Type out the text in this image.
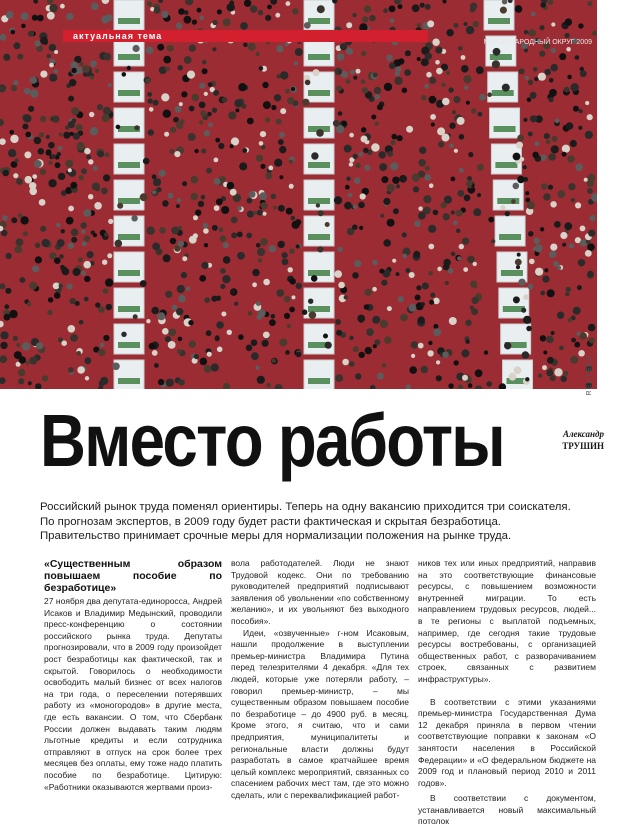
актуальная тема
МЕЖДУНАРОДНЫЙ ОКРУГ 2009
REUTERS
Вместо работы	Александр
ТРУШИН

Российский рынок труда поменял ориентиры. Теперь на одну вакансию приходится три соискателя.

По прогнозам экспертов, в 2009 году будет расти фактическая и скрытая безработица.

Правительство принимает срочные меры для нормализации положения на рынке труда.

«Существенным образом повышаем пособие по безработице»

27 ноября два депутата-единоросса, Андрей Исаков и Владимир Медынский, проводили пресс-конференцию о состоянии российского рынка труда. Депутаты прогнозировали, что в 2009 году произойдет рост безработицы как фактической, так и скрытой. Говорилось о необходимости освободить малый бизнес от всех налогов на три года, о переселении потерявших работу из «моногородов» в другие места, где есть вакансии. О том, что Сбербанк России должен выдавать таким людям льготные кредиты и если сотрудника отправляют в отпуск на срок более трех месяцев без оплаты, ему тоже надо платить пособие по безработице. Цитирую: «Работники оказываются жертвами произ-

вола работодателей. Люди не знают Трудовой кодекс. Они по требованию руководителей предприятий подписывают заявления об увольнении «по собственному желанию», и их увольняют без выходного пособия».

Идеи, «озвученные» г-ном Исаковым, нашли продолжение в выступлении премьер-министра Владимира Путина перед телезрителями 4 декабря. «Для тех людей, которые уже потеряли работу, – говорил премьер-министр, – мы существенным образом повышаем пособие по безработице – до 4900 руб. в месяц. Кроме этого, я считаю, что и сами предприятия, муниципалитеты и региональные власти должны будут разработать в самое кратчайшее время целый комплекс мероприятий, связанных со спасением рабочих мест там, где это можно сделать, или с переквалификацией работ-

ников тех или иных предприятий, направив на это соответствующие финансовые ресурсы, с повышением возможности внутренней миграции. То есть направлением трудовых ресурсов, людей... в те регионы с выплатой подъемных, например, где сегодня такие трудовые ресурсы востребованы, с организацией общественных работ, с разворачиванием строек, связанных с развитием инфраструктуры».

В соответствии с этими указаниями премьер-министра Государственная Дума 12 декабря приняла в первом чтении соответствующие поправки к законам «О занятости населения в Российской Федерации» и «О федеральном бюджете на 2009 год и плановый период 2010 и 2011 годов».

В соответствии с документом, устанавливается новый максимальный потолок
